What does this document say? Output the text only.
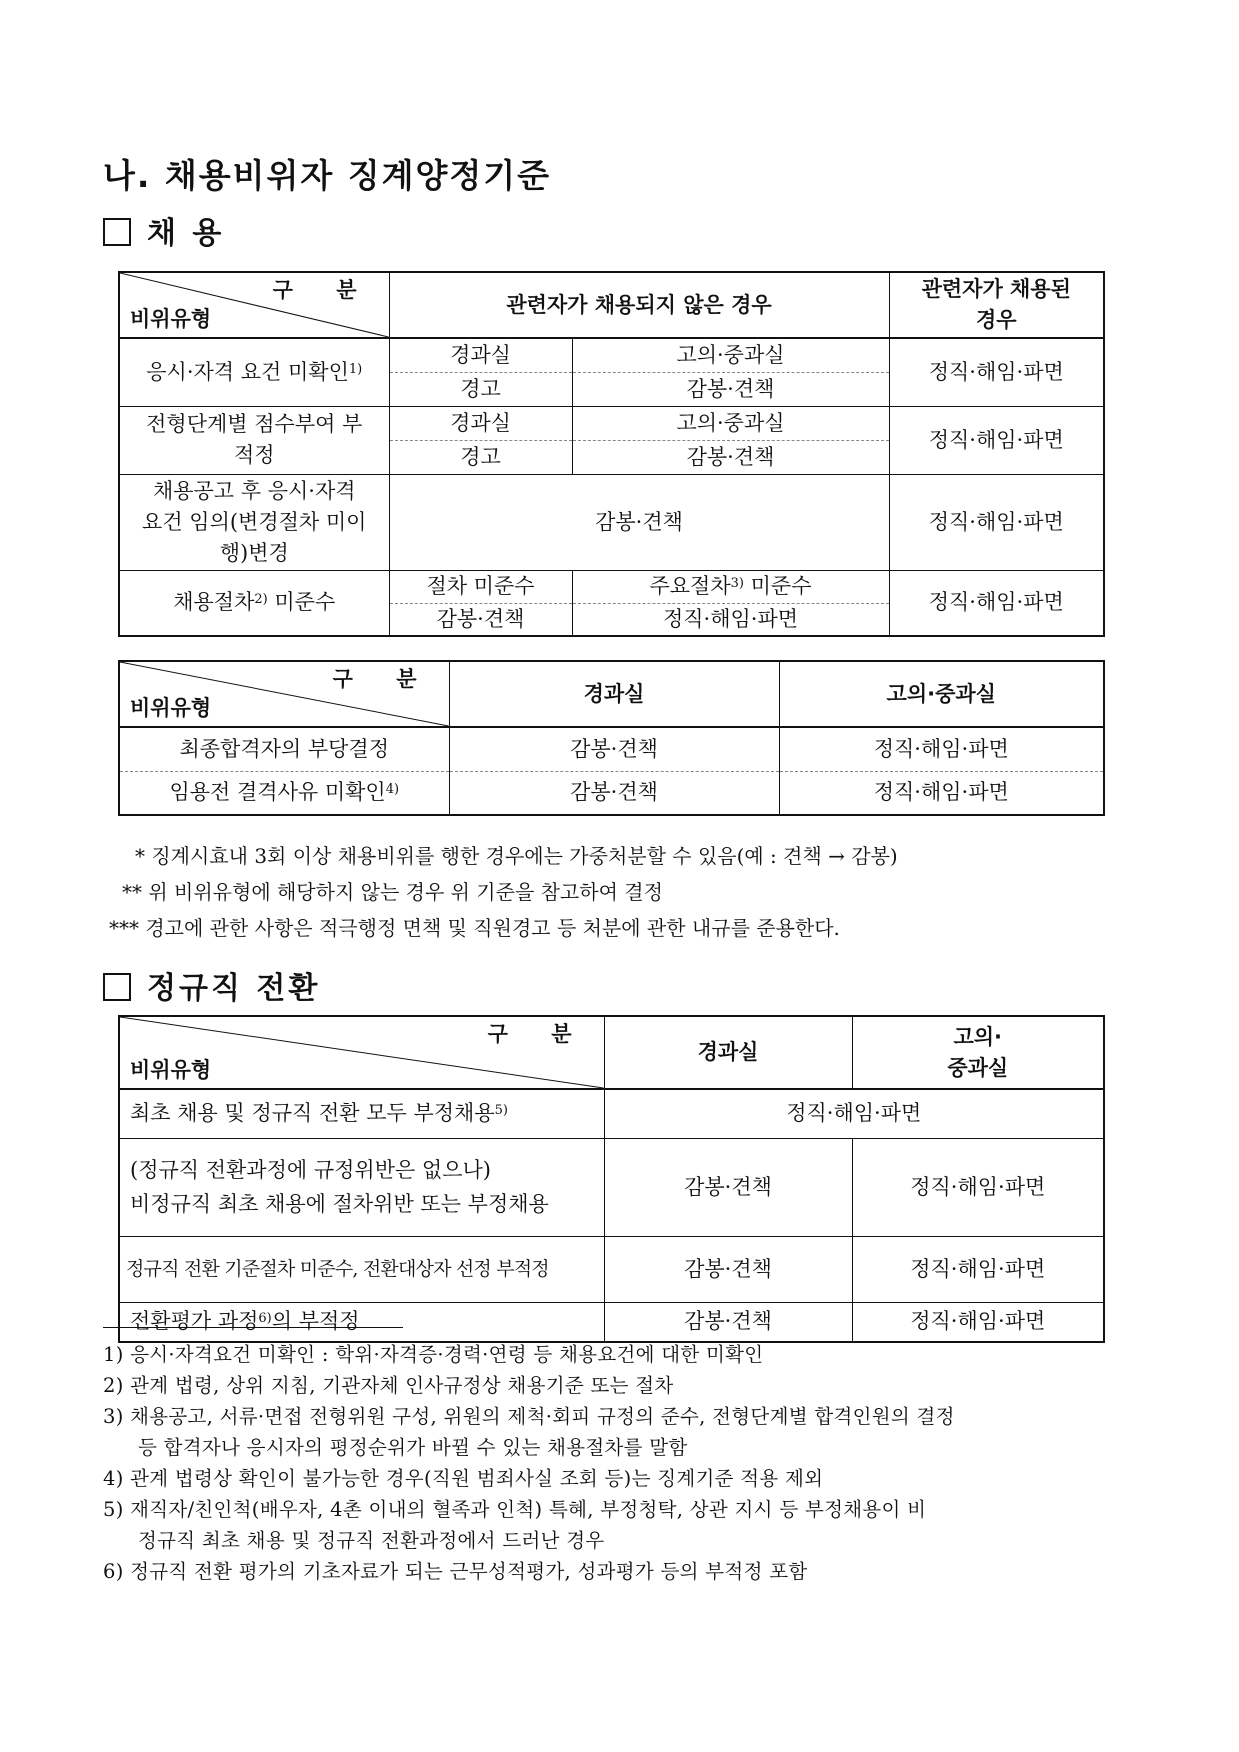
나. 채용비위자 징계양정기준
채 용
구 분
비위유형	관련자가 채용되지 않은 경우		관련자가 채용된 경우
응시·자격 요건 미확인$^{1)}$	경과실	고의·중과실	정직·해임·파면
	경고	감봉·견책	
전형단계별 점수부여 부적정	경과실	고의·중과실	정직·해임·파면
	경고	감봉·견책	
채용공고 후 응시·자격 요건 임의(변경절차 미이행)변경	감봉·견책		정직·해임·파면
채용절차$^{2)}$ 미준수	절차 미준수	주요절차$^{3)}$ 미준수	정직·해임·파면
	감봉·견책	정직·해임·파면	
구 분
비위유형	경과실	고의·중과실
최종합격자의 부당결정	감봉·견책	정직·해임·파면
임용전 결격사유 미확인$^{4)}$	감봉·견책	정직·해임·파면
* 징계시효내 3회 이상 채용비위를 행한 경우에는 가중처분할 수 있음(예 : 견책 → 감봉)
** 위 비위유형에 해당하지 않는 경우 위 기준을 참고하여 결정
*** 경고에 관한 사항은 적극행정 면책 및 직원경고 등 처분에 관한 내규를 준용한다.
정규직 전환
구 분
비위유형	경과실	고의·
중과실
최초 채용 및 정규직 전환 모두 부정채용$^{5)}$	정직·해임·파면	
(정규직 전환과정에 규정위반은 없으나)
비정규직 최초 채용에 절차위반 또는 부정채용	감봉·견책	정직·해임·파면
정규직 전환 기준절차 미준수, 전환대상자 선정 부적정	감봉·견책	정직·해임·파면
전환평가 과정$^{6)}$의 부적정	감봉·견책	정직·해임·파면
1) 응시·자격요건 미확인 : 학위·자격증·경력·연령 등 채용요건에 대한 미확인
2) 관계 법령, 상위 지침, 기관자체 인사규정상 채용기준 또는 절차
3) 채용공고, 서류·면접 전형위원 구성, 위원의 제척·회피 규정의 준수, 전형단계별 합격인원의 결정
등 합격자나 응시자의 평정순위가 바뀔 수 있는 채용절차를 말함
4) 관계 법령상 확인이 불가능한 경우(직원 범죄사실 조회 등)는 징계기준 적용 제외
5) 재직자/친인척(배우자, 4촌 이내의 혈족과 인척) 특혜, 부정청탁, 상관 지시 등 부정채용이 비
정규직 최초 채용 및 정규직 전환과정에서 드러난 경우
6) 정규직 전환 평가의 기초자료가 되는 근무성적평가, 성과평가 등의 부적정 포함
